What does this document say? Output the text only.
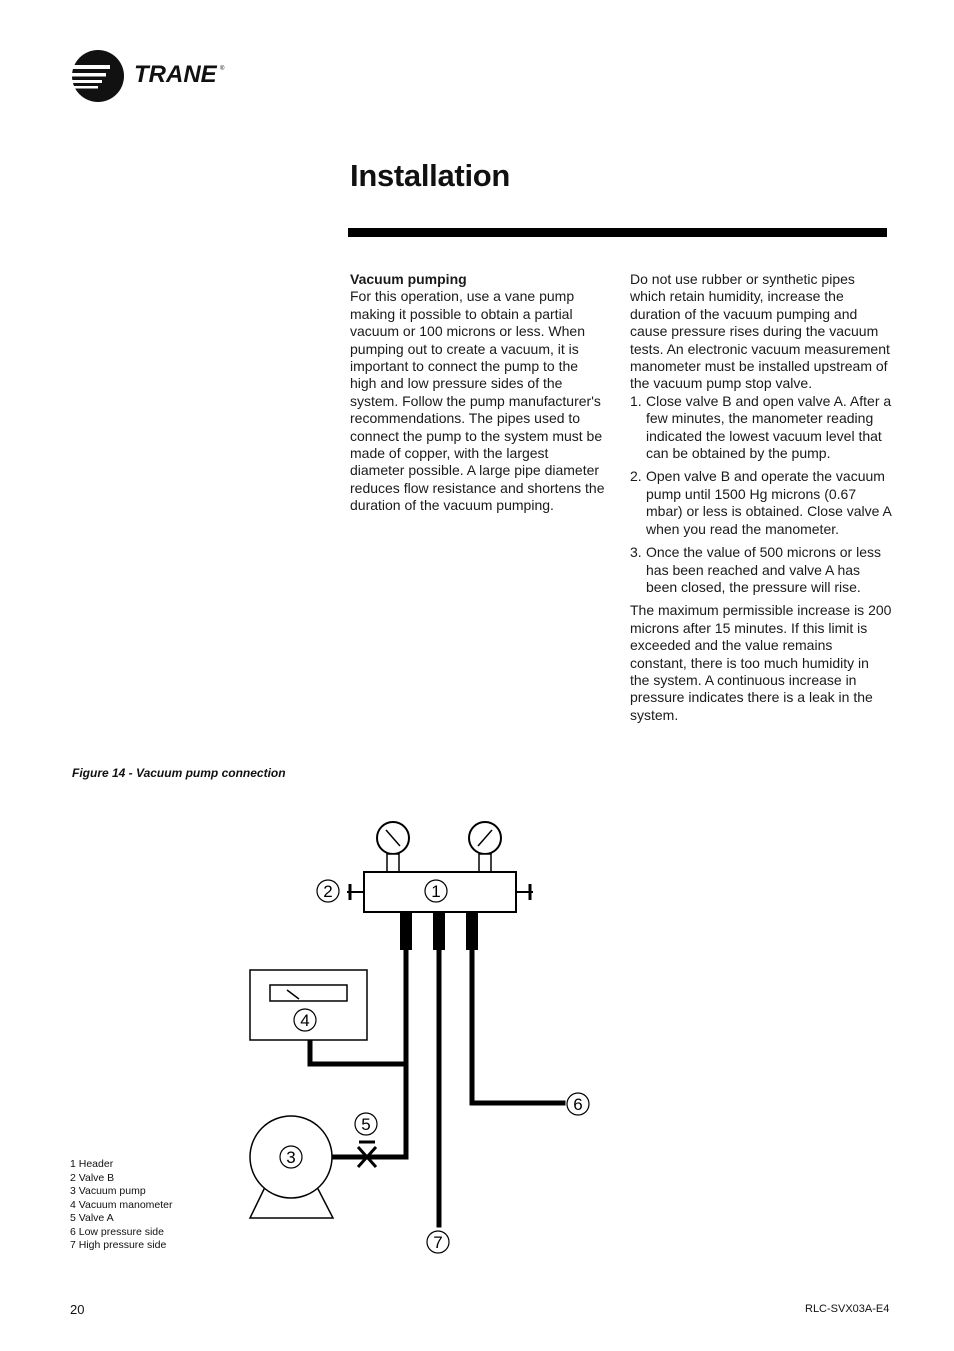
TRANE ®
Installation

Vacuum pumping

For this operation, use a vane pump making it possible to obtain a partial vacuum or 100 microns or less. When pumping out to create a vacuum, it is important to connect the pump to the high and low pressure sides of the system. Follow the pump manufacturer's recommendations. The pipes used to connect the pump to the system must be made of copper, with the largest diameter possible. A large pipe diameter reduces flow resistance and shortens the duration of the vacuum pumping.

Do not use rubber or synthetic pipes which retain humidity, increase the duration of the vacuum pumping and cause pressure rises during the vacuum tests. An electronic vacuum measurement manometer must be installed upstream of the vacuum pump stop valve.

1. Close valve B and open valve A. After a few minutes, the manometer reading indicated the lowest vacuum level that can be obtained by the pump.
2. Open valve B and operate the vacuum pump until 1500 Hg microns (0.67 mbar) or less is obtained. Close valve A when you read the manometer.
3. Once the value of 500 microns or less has been reached and valve A has been closed, the pressure will rise.

The maximum permissible increase is 200 microns after 15 minutes. If this limit is exceeded and the value remains constant, there is too much humidity in the system. A continuous increase in pressure indicates there is a leak in the system.

Figure 14 - Vacuum pump connection
1
2
3
4
5
6
7
1 Header
2 Valve B
3 Vacuum pump
4 Vacuum manometer
5 Valve A
6 Low pressure side
7 High pressure side
20	RLC-SVX03A-E4
